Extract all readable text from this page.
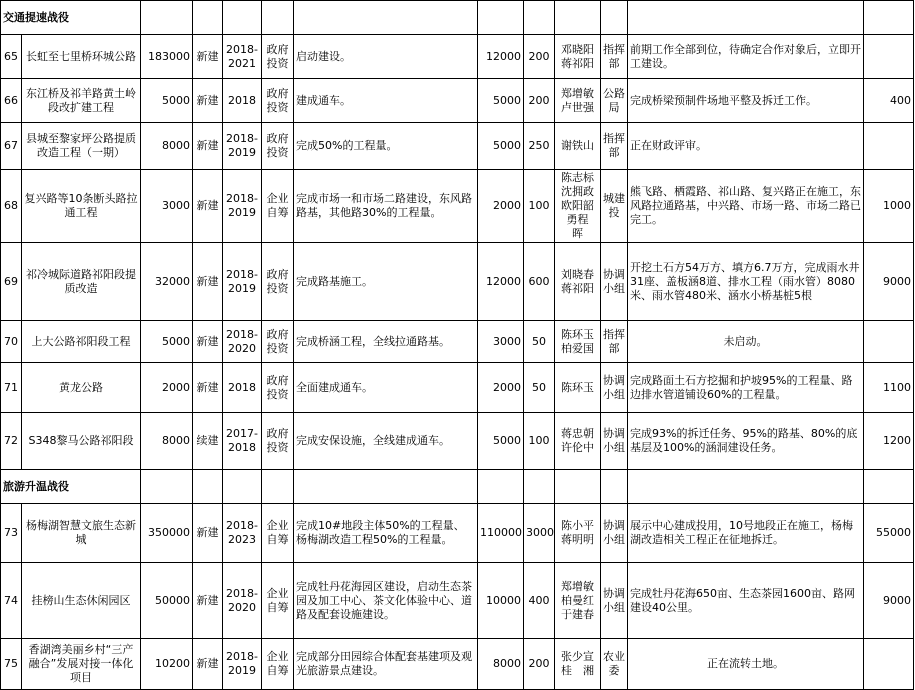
交通提速战役												
65	长虹至七里桥环城公路	183000	新建	2018-2021	政府投资	启动建设。	12000	200	邓晓阳蒋祁阳	指挥部	前期工作全部到位，待确定合作对象后，立即开工建设。	
66	东江桥及祁羊路黄土岭段改扩建工程	5000	新建	2018	政府投资	建成通车。	5000	200	郑增敏卢世强	公路局	完成桥梁预制件场地平整及拆迁工作。	400
67	县城至黎家坪公路提质改造工程（一期）	8000	新建	2018-2019	政府投资	完成50%的工程量。	5000	250	谢铁山	指挥部	正在财政评审。	
68	复兴路等10条断头路拉通工程	3000	新建	2018-2019	企业自筹	完成市场一和市场二路建设，东风路路基，其他路30%的工程量。	2000	100	陈志标沈拥政欧阳韶勇程　晖	城建投	熊飞路、栖霞路、祁山路、复兴路正在施工，东风路拉通路基，中兴路、市场一路、市场二路已完工。	1000
69	祁冷城际道路祁阳段提质改造	32000	新建	2018-2019	政府投资	完成路基施工。	12000	600	刘晓春蒋祁阳	协调小组	开挖土石方54万方、填方6.7万方，完成雨水井31座、盖板涵8道、排水工程（雨水管）8080米、雨水管480米、涵水小桥基桩5根	9000
70	上大公路祁阳段工程	5000	新建	2018-2020	政府投资	完成桥涵工程，全线拉通路基。	3000	50	陈环玉柏爱国	指挥部	未启动。	
71	黄龙公路	2000	新建	2018	政府投资	全面建成通车。	2000	50	陈环玉	协调小组	完成路面土石方挖掘和护坡95%的工程量、路边排水管道铺设60%的工程量。	1100
72	S348黎马公路祁阳段	8000	续建	2017-2018	政府投资	完成安保设施，全线建成通车。	5000	100	蒋忠朝许伦中	协调小组	完成93%的拆迁任务、95%的路基、80%的底基层及100%的涵洞建设任务。	1200
旅游升温战役												
73	杨梅湖智慧文旅生态新城	350000	新建	2018-2023	企业自筹	完成10#地段主体50%的工程量、杨梅湖改造工程50%的工程量。	110000	3000	陈小平蒋明明	协调小组	展示中心建成投用，10号地段正在施工，杨梅湖改造相关工程正在征地拆迁。	55000
74	挂榜山生态休闲园区	50000	新建	2018-2020	企业自筹	完成牡丹花海园区建设，启动生态茶园及加工中心、茶文化体验中心、道路及配套设施建设。	10000	400	郑增敏柏曼红于建春	协调小组	完成牡丹花海650亩、生态茶园1600亩、路网建设40公里。	9000
75	香湖湾美丽乡村“三产融合”发展对接一体化项目	10200	新建	2018-2019	企业自筹	完成部分田园综合体配套基建项及观光旅游景点建设。	8000	200	张少宣桂　湘	农业委	正在流转土地。	
